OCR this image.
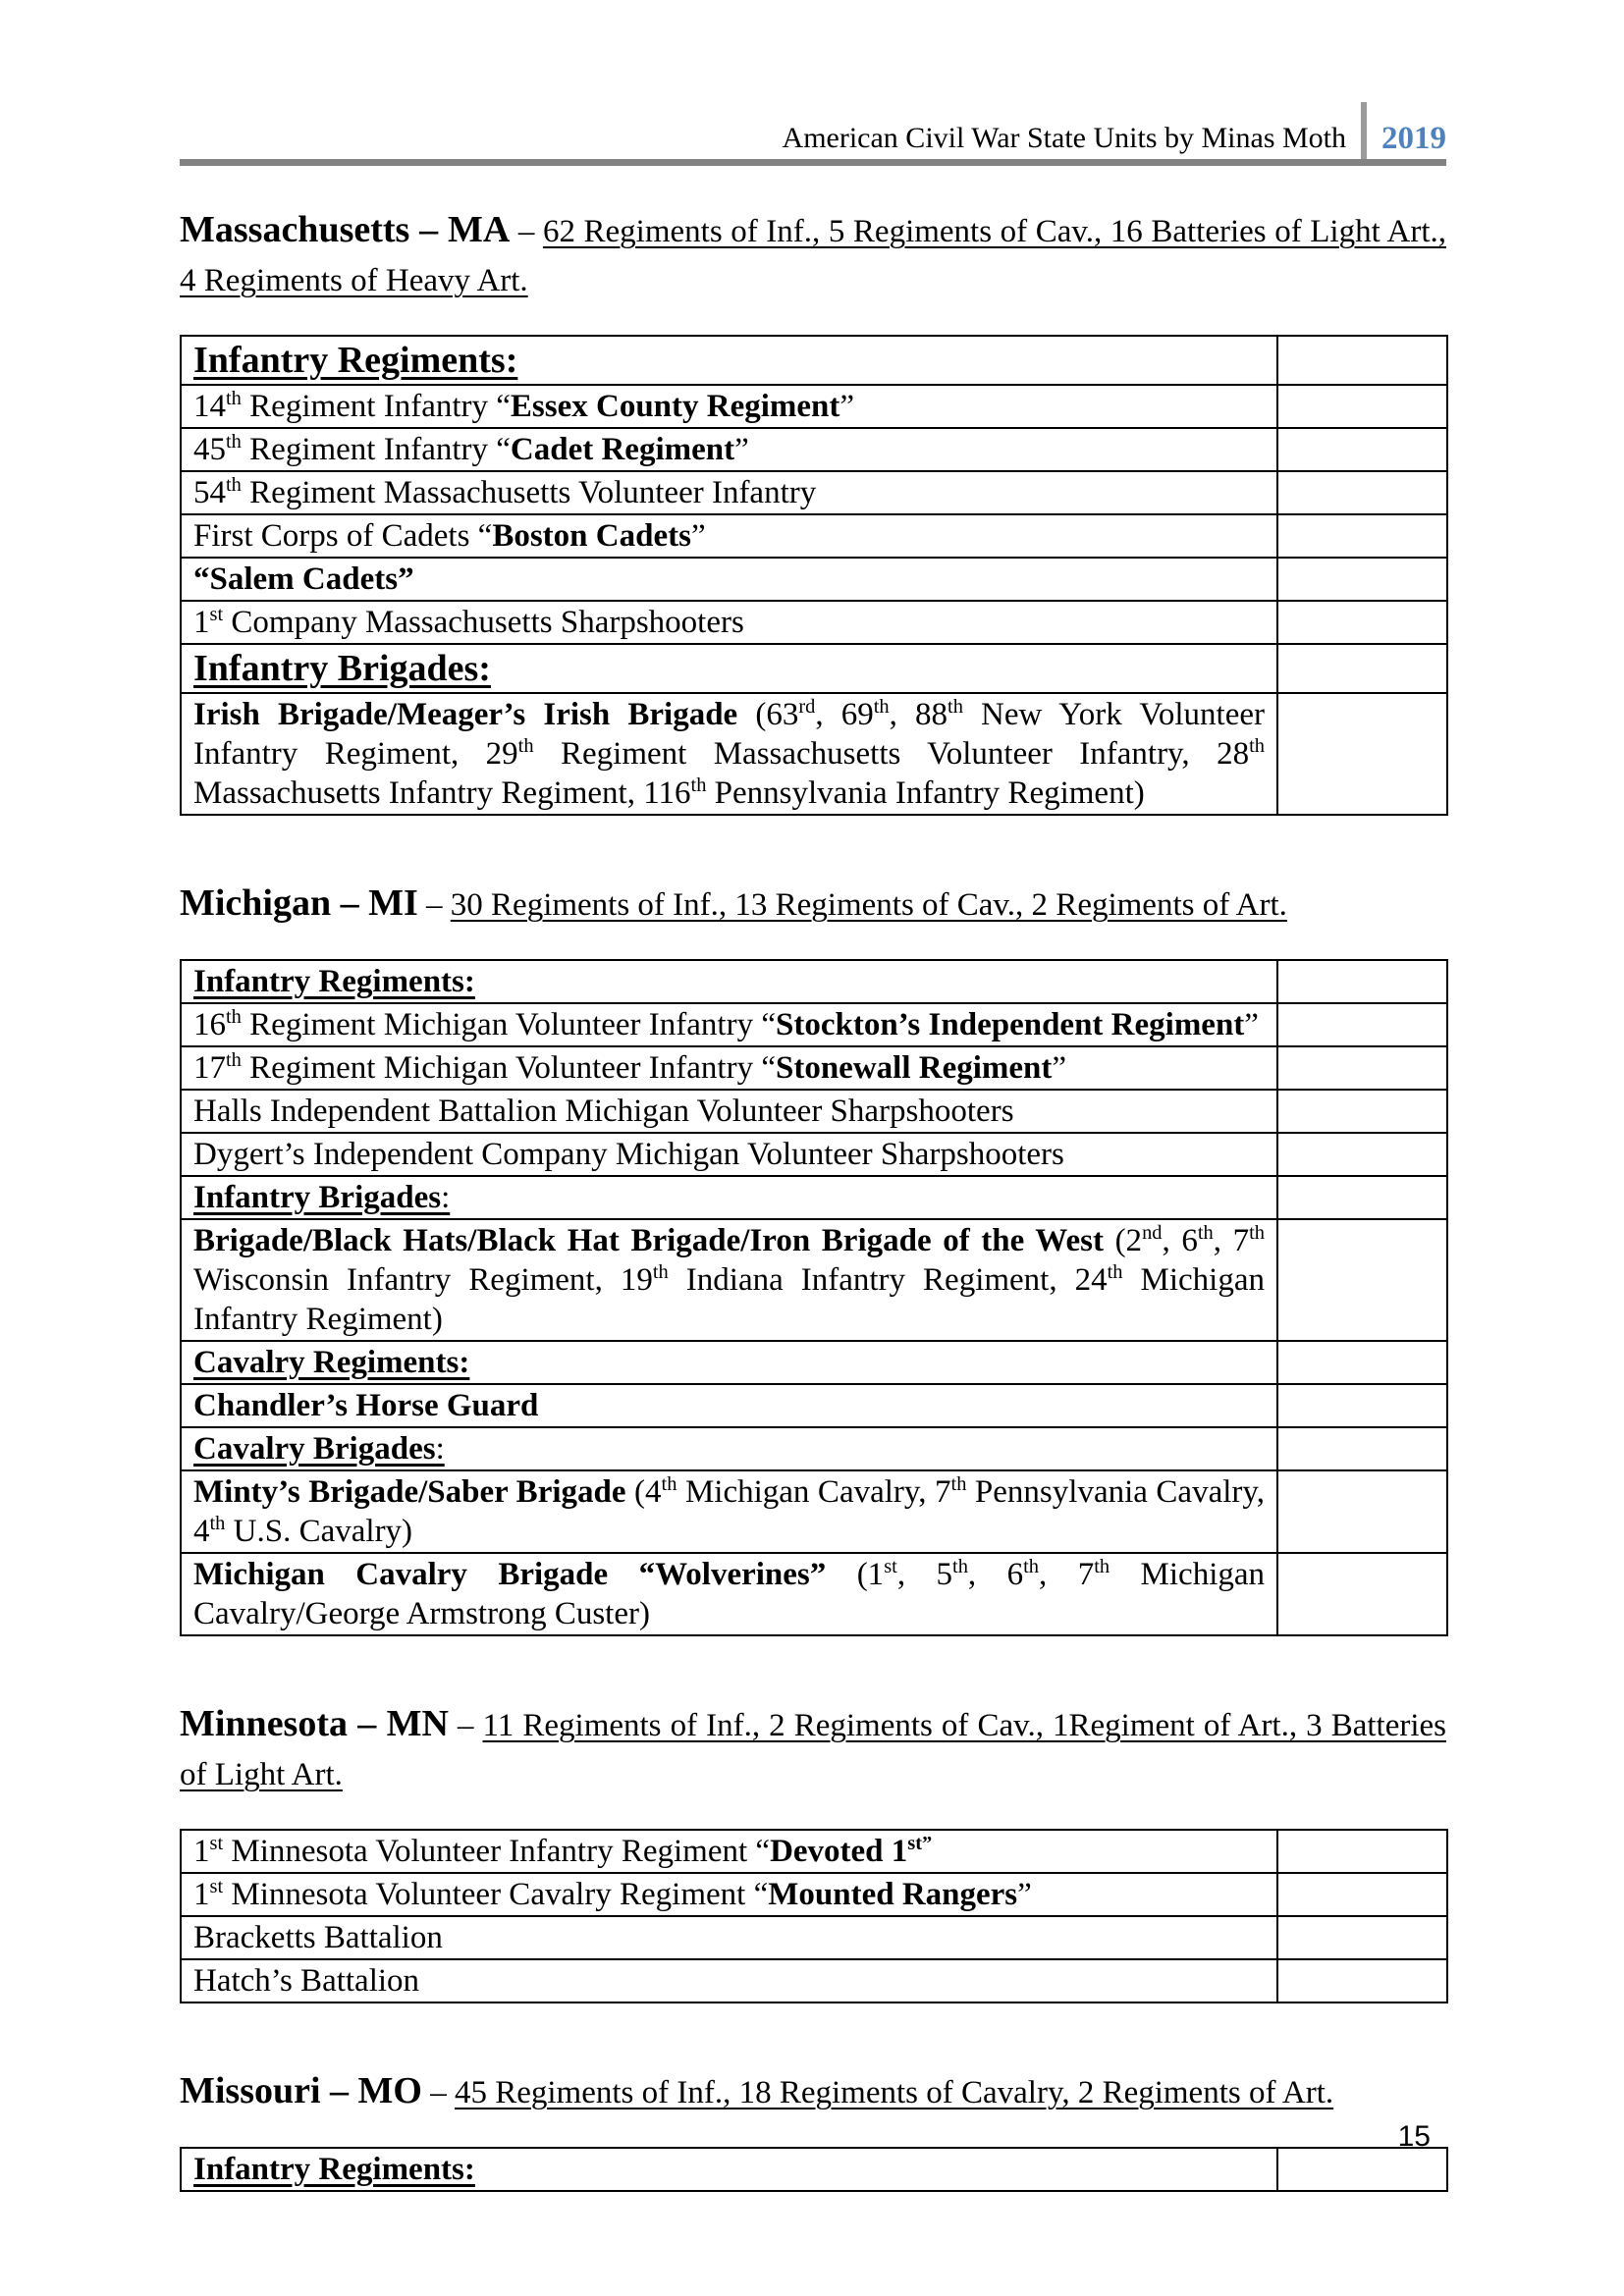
American Civil War State Units by Minas Moth 2019
Massachusetts – MA – 62 Regiments of Inf., 5 Regiments of Cav., 16 Batteries of Light Art., 4 Regiments of Heavy Art.
Infantry Regiments:	
14th Regiment Infantry “Essex County Regiment”	
45th Regiment Infantry “Cadet Regiment”	
54th Regiment Massachusetts Volunteer Infantry	
First Corps of Cadets “Boston Cadets”	
“Salem Cadets”	
1st Company Massachusetts Sharpshooters	
Infantry Brigades:	
Irish Brigade/Meager’s Irish Brigade (63rd, 69th, 88th New York Volunteer Infantry Regiment, 29th Regiment Massachusetts Volunteer Infantry, 28th Massachusetts Infantry Regiment, 116th Pennsylvania Infantry Regiment)	
Michigan – MI – 30 Regiments of Inf., 13 Regiments of Cav., 2 Regiments of Art.
Infantry Regiments:	
16th Regiment Michigan Volunteer Infantry “Stockton’s Independent Regiment”	
17th Regiment Michigan Volunteer Infantry “Stonewall Regiment”	
Halls Independent Battalion Michigan Volunteer Sharpshooters	
Dygert’s Independent Company Michigan Volunteer Sharpshooters	
Infantry Brigades:	
Brigade/Black Hats/Black Hat Brigade/Iron Brigade of the West (2nd, 6th, 7th Wisconsin Infantry Regiment, 19th Indiana Infantry Regiment, 24th Michigan Infantry Regiment)	
Cavalry Regiments:	
Chandler’s Horse Guard	
Cavalry Brigades:	
Minty’s Brigade/Saber Brigade (4th Michigan Cavalry, 7th Pennsylvania Cavalry, 4th U.S. Cavalry)	
Michigan Cavalry Brigade “Wolverines” (1st, 5th, 6th, 7th Michigan Cavalry/George Armstrong Custer)	
Minnesota – MN – 11 Regiments of Inf., 2 Regiments of Cav., 1Regiment of Art., 3 Batteries of Light Art.
1st Minnesota Volunteer Infantry Regiment “Devoted $1^{st”}$	
1st Minnesota Volunteer Cavalry Regiment “Mounted Rangers”	
Bracketts Battalion	
Hatch’s Battalion	
Missouri – MO – 45 Regiments of Inf., 18 Regiments of Cavalry, 2 Regiments of Art.
Infantry Regiments:	
15
